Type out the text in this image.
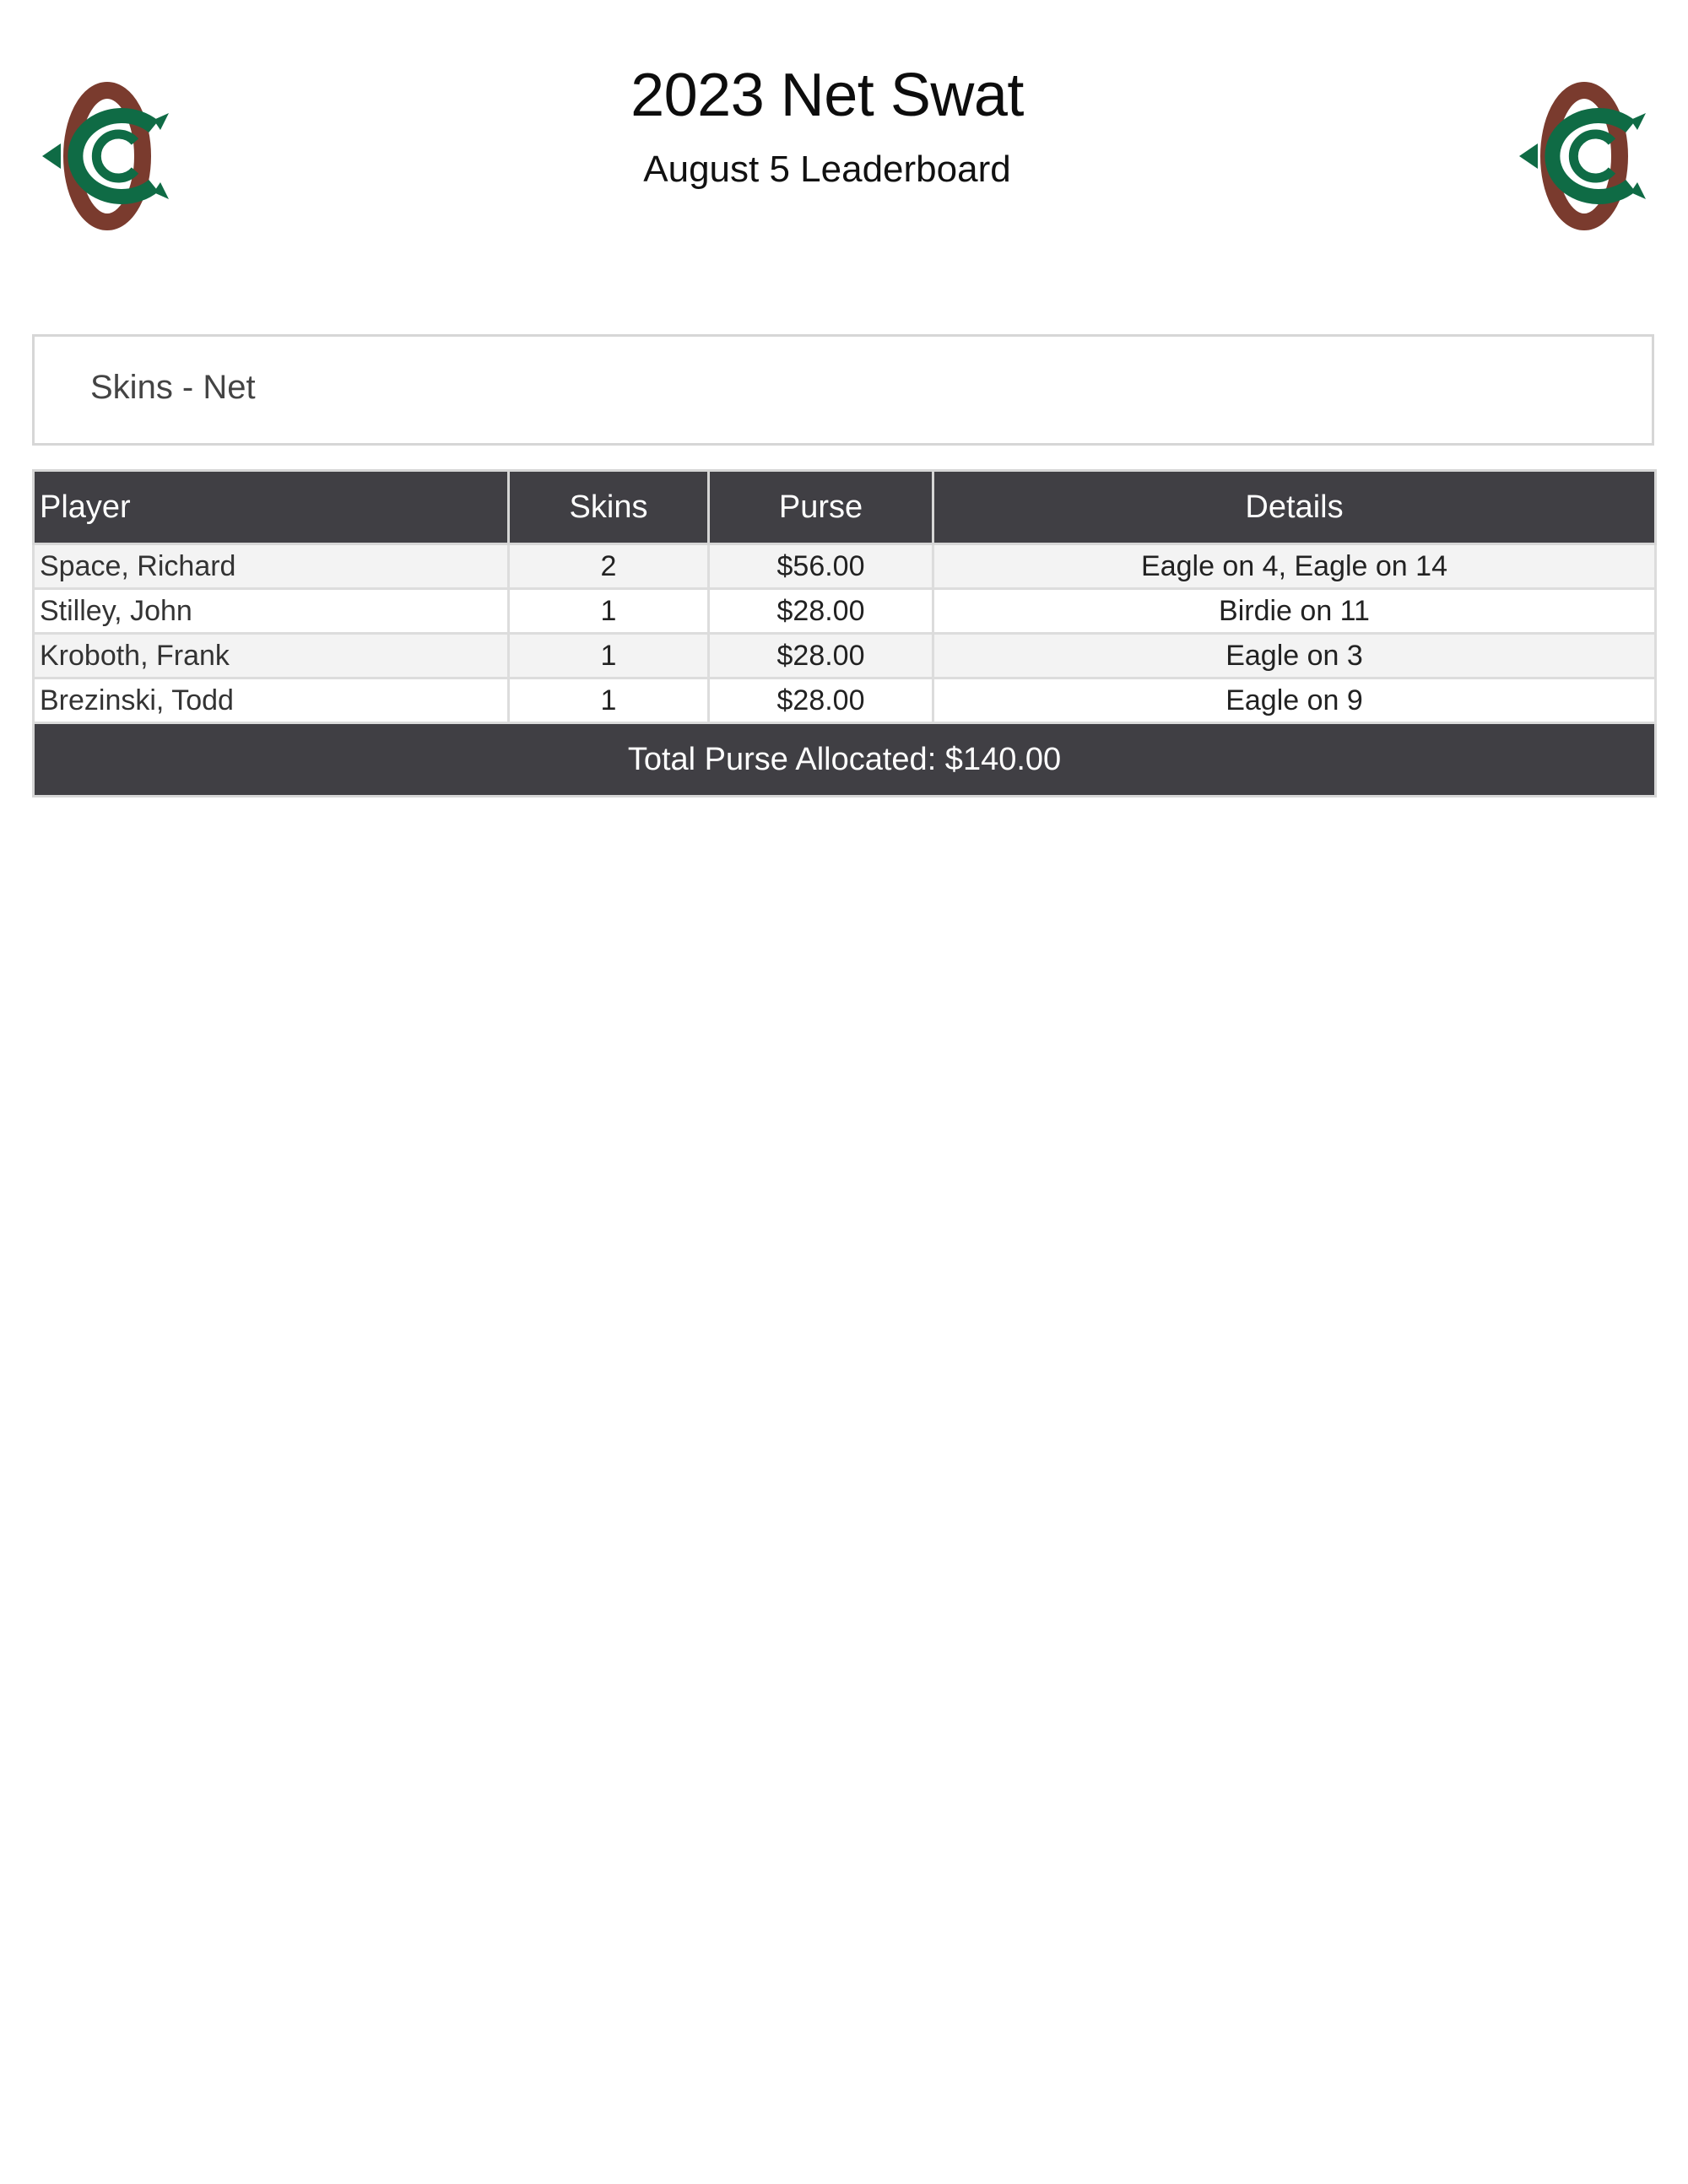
2023 Net Swat
August 5 Leaderboard
Skins - Net
Player	Skins	Purse	Details
Space, Richard	2	$56.00	Eagle on 4, Eagle on 14
Stilley, John	1	$28.00	Birdie on 11
Kroboth, Frank	1	$28.00	Eagle on 3
Brezinski, Todd	1	$28.00	Eagle on 9
Total Purse Allocated: $140.00			
